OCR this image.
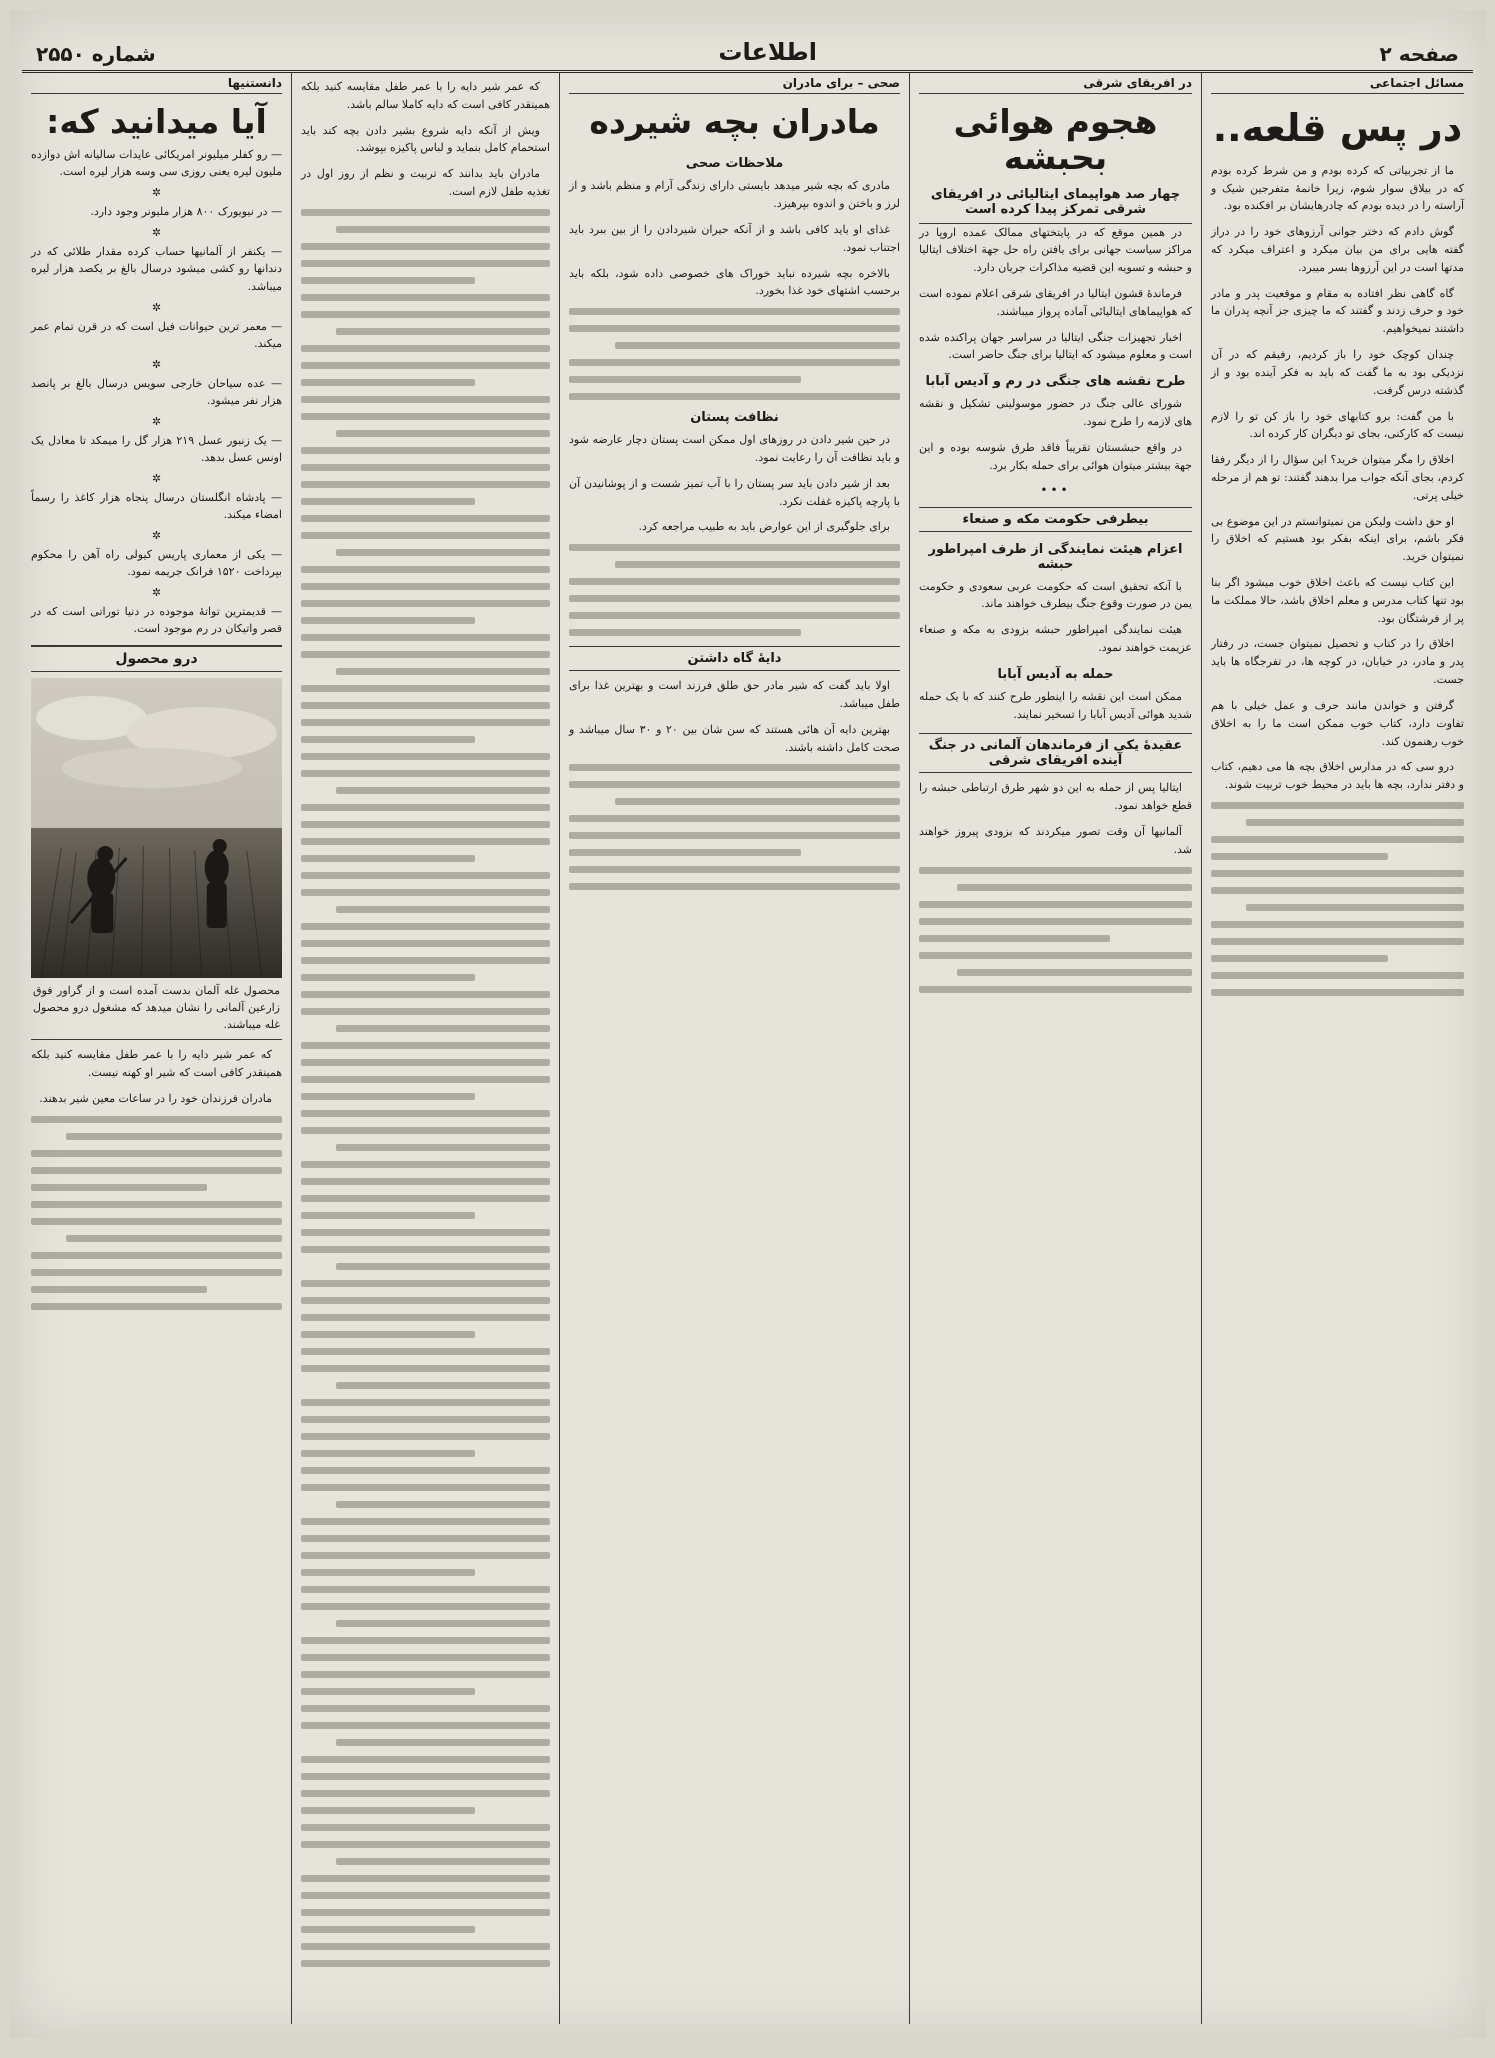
صفحه ۲
اطلاعات
شماره ۲۵۵۰
مسائل اجتماعی
در پس قلعه..

ما از تجربیاتی که کرده بودم و من شرط کرده بودم که در بیلاق سوار شوم، زیرا خانمهٔ متفرجین شیک و آراسته را در دیده بودم که چادرهایشان بر افکنده بود.

گوش دادم که دختر جوانی آرزوهای خود را در دراز گفته هایی برای من بیان میکرد و اعتراف میکرد که مدتها است در این آرزوها بسر میبرد.

گاه گاهی نظر افتاده به مقام و موقعیت پدر و مادر خود و حرف زدند و گفتند که ما چیزی جز آنچه پدران ما داشتند نمیخواهیم.

چندان کوچک خود را باز کردیم، رفیقم که در آن نزدیکی بود به ما گفت که باید به فکر آینده بود و از گذشته درس گرفت.

با من گفت: برو کتابهای خود را باز کن تو را لازم نیست که کارکنی، بجای تو دیگران کار کرده اند.

اخلاق را مگر میتوان خرید؟ این سؤال را از دیگر رفقا کردم، بجای آنکه جواب مرا بدهند گفتند: تو هم از مرحله خیلی پرتی.

او حق داشت ولیکن من نمیتوانستم در این موضوع بی فکر باشم، برای اینکه بفکر بود هستیم که اخلاق را نمیتوان خرید.

این کتاب نیست که باعث اخلاق خوب میشود اگر بنا بود تنها کتاب مدرس و معلم اخلاق باشد، حالا مملکت ما پر از فرشتگان بود.

اخلاق را در کتاب و تحصیل نمیتوان جست، در رفتار پدر و مادر، در خیابان، در کوچه ها، در تفرجگاه ها باید جست.

گرفتن و خواندن مانند حرف و عمل خیلی با هم تفاوت دارد، کتاب خوب ممکن است ما را به اخلاق خوب رهنمون کند.

درو سی که در مدارس اخلاق بچه ها می دهیم، کتاب و دفتر ندارد، بچه ها باید در محیط خوب تربیت شوند.

در افریقای شرقی
هجوم هوائی بحبشه
چهار صد هواپیمای ایتالیائی در افریقای شرقی تمرکز پیدا کرده است

در همین موقع که در پایتختهای ممالک عمده اروپا در مراکز سیاست جهانی برای یافتن راه حل جهة اختلاف ایتالیا و حبشه و تسویه این قضیه مذاکرات جریان دارد.

فرماندهٔ قشون ایتالیا در افریقای شرقی اعلام نموده است که هواپیماهای ایتالیائی آماده پرواز میباشند.

اخبار تجهیزات جنگی ایتالیا در سراسر جهان پراکنده شده است و معلوم میشود که ایتالیا برای جنگ حاضر است.

طرح نقشه های جنگی در رم و آدیس آبابا

شورای عالی جنگ در حضور موسولینی تشکیل و نقشه های لازمه را طرح نمود.

در واقع حبشستان تقریباً فاقد طرق شوسه بوده و این جهة بیشتر میتوان هوائی برای حمله بکار برد.

•••
بیطرفی حکومت مکه و صنعاء
اعزام هیئت نمایندگی از طرف امپراطور حبشه

با آنکه تحقیق است که حکومت عربی سعودی و حکومت یمن در صورت وقوع جنگ بیطرف خواهند ماند.

هیئت نمایندگی امپراطور حبشه بزودی به مکه و صنعاء عزیمت خواهند نمود.

حمله به آدیس آبابا

ممکن است این نقشه را اینطور طرح کنند که با یک حمله شدید هوائی آدیس آبابا را تسخیر نمایند.

عقیدهٔ یکی از فرماندهان آلمانی در جنگ آینده افریقای شرقی

ایتالیا پس از حمله به این دو شهر طرق ارتباطی حبشه را قطع خواهد نمود.

آلمانیها آن وقت تصور میکردند که بزودی پیروز خواهند شد.

صحی – برای مادران
مادران بچه شیرده
ملاحظات صحی

مادری که بچه شیر میدهد بایستی دارای زندگی آرام و منظم باشد و از لرز و باختن و اندوه بپرهیزد.

غذای او باید کافی باشد و از آنکه حیران شیردادن را از بین ببرد باید اجتناب نمود.

بالاخره بچه شیرده نباید خوراک های خصوصی داده شود، بلکه باید برحسب اشتهای خود غذا بخورد.

نظافت پستان

در حین شیر دادن در روزهای اول ممکن است پستان دچار عارضه شود و باید نظافت آن را رعایت نمود.

بعد از شیر دادن باید سر پستان را با آب تمیز شست و از پوشانیدن آن با پارچه پاکیزه غفلت نکرد.

برای جلوگیری از این عوارض باید به طبیب مراجعه کرد.

دایهٔ گاه داشتن

اولا باید گفت که شیر مادر حق طلق فرزند است و بهترین غذا برای طفل میباشد.

بهترین دایه آن هائی هستند که سن شان بین ۲۰ و ۳۰ سال میباشد و صحت کامل داشته باشند.

که عمر شیر دایه را با عمر طفل مقایسه کنید بلکه همینقدر کافی است که دایه کاملا سالم باشد.

ویش از آنکه دایه شروع بشیر دادن بچه کند باید استحمام کامل بنماید و لباس پاکیزه بپوشد.

مادران باید بدانند که تربیت و نظم از روز اول در تغذیه طفل لازم است.

دانستنیها
آیا میدانید که:

— رو کفلر میلیونر امریکائی عایدات سالیانه اش دوازده ملیون لیره یعنی روزی سی وسه هزار لیره است.

✲

— در نیویورک ۸۰۰ هزار ملیونر وجود دارد.

✲

— یکنفر از آلمانیها حساب کرده مقدار طلائی که در دندانها رو کشی میشود درسال بالغ بر یکصد هزار لیره میباشد.

✲

— معمر ترین حیوانات فیل است که در قرن تمام عمر میکند.

✲

— عده سیاحان خارجی سویس درسال بالغ بر پانصد هزار نفر میشود.

✲

— یک زنبور عسل ۲۱۹ هزار گل را میمکد تا معادل یک اونس عسل بدهد.

✲

— پادشاه انگلستان درسال پنجاه هزار کاغذ را رسماً امضاء میکند.

✲

— یکی از معماری پاریس کیولی راه آهن را محکوم بپرداخت ۱۵۲۰ فرانک جریمه نمود.

✲

— قدیمترین تواتهٔ موجوده در دنیا توراتی است که در قصر واتیکان در رم موجود است.

درو محصول
محصول غله آلمان بدست آمده است و از گراور فوق زارعین آلمانی را نشان میدهد که مشغول درو محصول غله میباشند.

که عمر شیر دایه را با عمر طفل مقایسه کنید بلکه همینقدر کافی است که شیر او کهنه نیست.

مادران فرزندان خود را در ساعات معین شیر بدهند.
